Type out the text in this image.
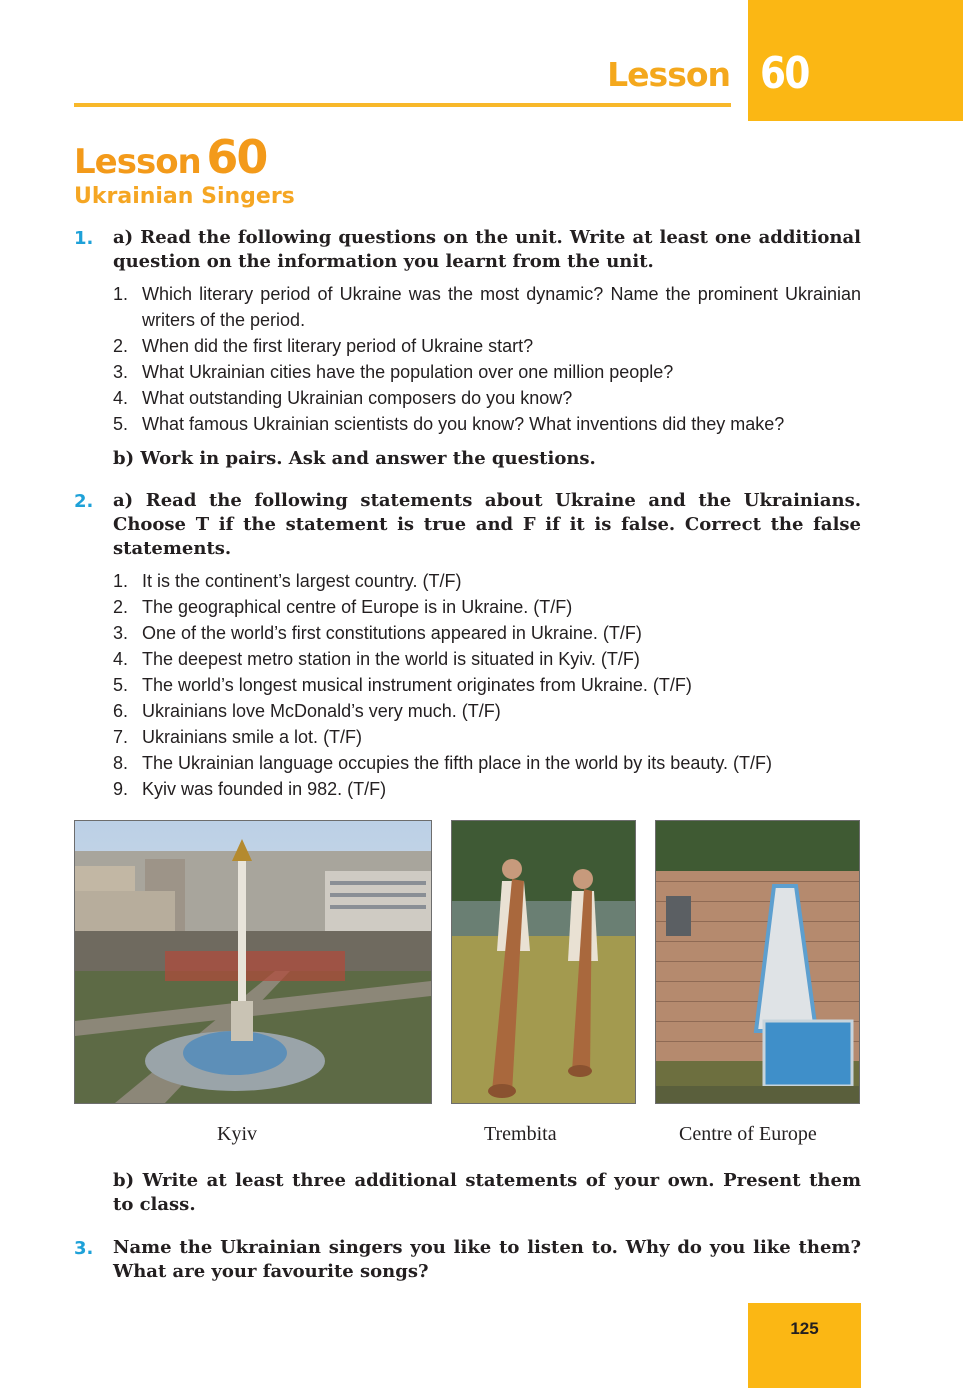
Lesson 60
Lesson 60
Ukrainian Singers
1. a) Read the following questions on the unit. Write at least one additional question on the information you learnt from the unit.
1. Which literary period of Ukraine was the most dynamic? Name the prominent Ukrainian writers of the period.
2. When did the first literary period of Ukraine start?
3. What Ukrainian cities have the population over one million people?
4. What outstanding Ukrainian composers do you know?
5. What famous Ukrainian scientists do you know? What inventions did they make?
b) Work in pairs. Ask and answer the questions.
2. a) Read the following statements about Ukraine and the Ukrainians. Choose T if the statement is true and F if it is false. Correct the false statements.
1. It is the continent’s largest country. (T/F)
2. The geographical centre of Europe is in Ukraine. (T/F)
3. One of the world’s first constitutions appeared in Ukraine. (T/F)
4. The deepest metro station in the world is situated in Kyiv. (T/F)
5. The world’s longest musical instrument originates from Ukraine. (T/F)
6. Ukrainians love McDonald’s very much. (T/F)
7. Ukrainians smile a lot. (T/F)
8. The Ukrainian language occupies the fifth place in the world by its beauty. (T/F)
9. Kyiv was founded in 982. (T/F)
Kyiv	Trembita	Centre of Europe
b) Write at least three additional statements of your own. Present them to class.
3. Name the Ukrainian singers you like to listen to. Why do you like them? What are your favourite songs?
125
